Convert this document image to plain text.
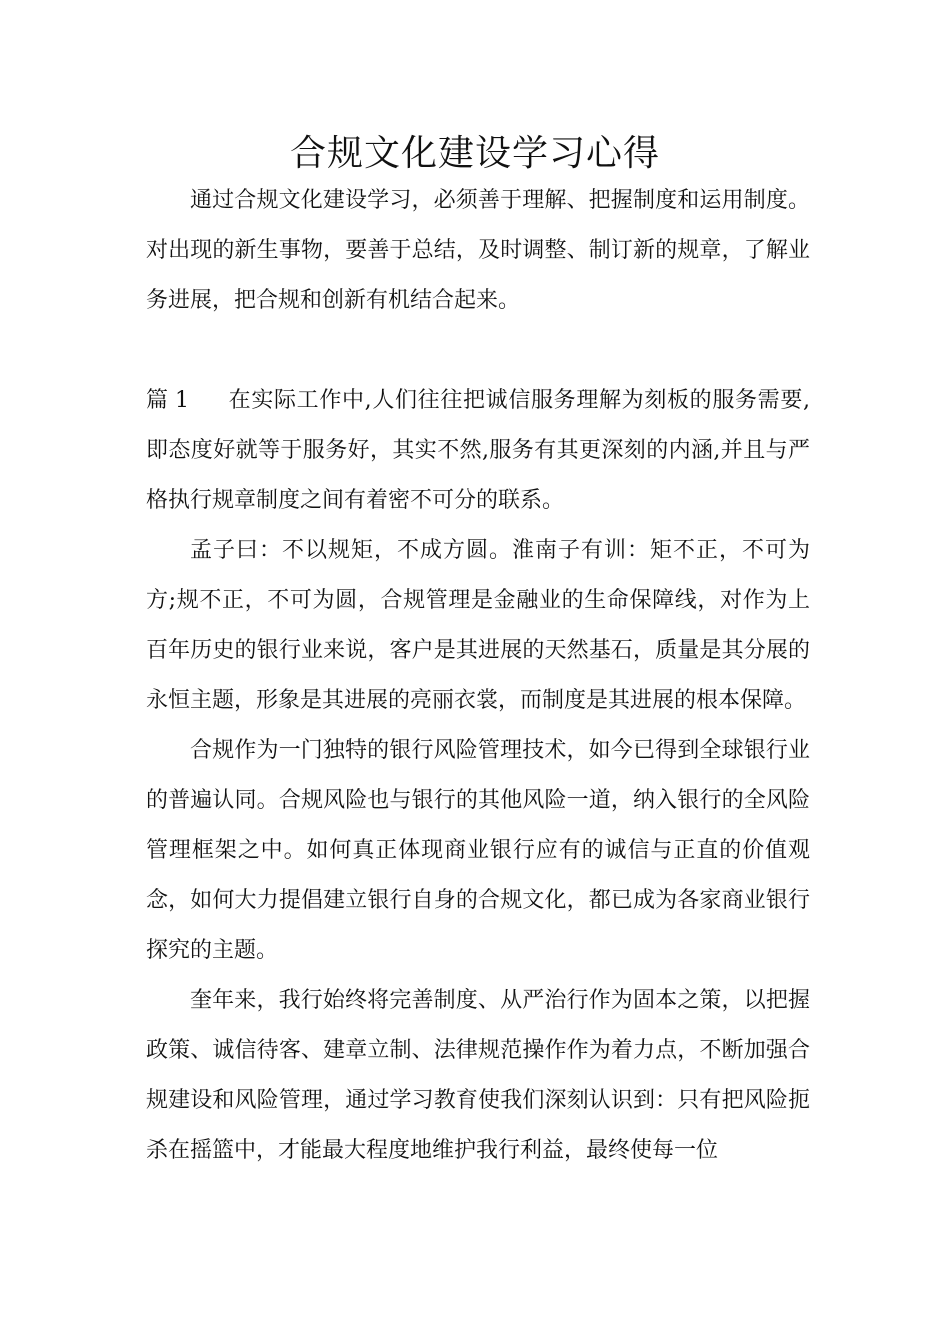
合规文化建设学习心得

通过合规文化建设学习，必须善于理解、把握制度和运用制度。对出现的新生事物，要善于总结，及时调整、制订新的规章，了解业务进展，把合规和创新有机结合起来。

篇 1 在实际工作中,人们往往把诚信服务理解为刻板的服务需要,即态度好就等于服务好，其实不然,服务有其更深刻的内涵,并且与严格执行规章制度之间有着密不可分的联系。

孟子曰：不以规矩，不成方圆。淮南子有训：矩不正，不可为方;规不正，不可为圆，合规管理是金融业的生命保障线，对作为上百年历史的银行业来说，客户是其进展的天然基石，质量是其分展的永恒主题，形象是其进展的亮丽衣裳，而制度是其进展的根本保障。

合规作为一门独特的银行风险管理技术，如今已得到全球银行业的普遍认同。合规风险也与银行的其他风险一道，纳入银行的全风险管理框架之中。如何真正体现商业银行应有的诚信与正直的价值观念，如何大力提倡建立银行自身的合规文化，都已成为各家商业银行探究的主题。

奎年来，我行始终将完善制度、从严治行作为固本之策，以把握政策、诚信待客、建章立制、法律规范操作作为着力点，不断加强合规建设和风险管理，通过学习教育使我们深刻认识到：只有把风险扼杀在摇篮中，才能最大程度地维护我行利益，最终使每一位
